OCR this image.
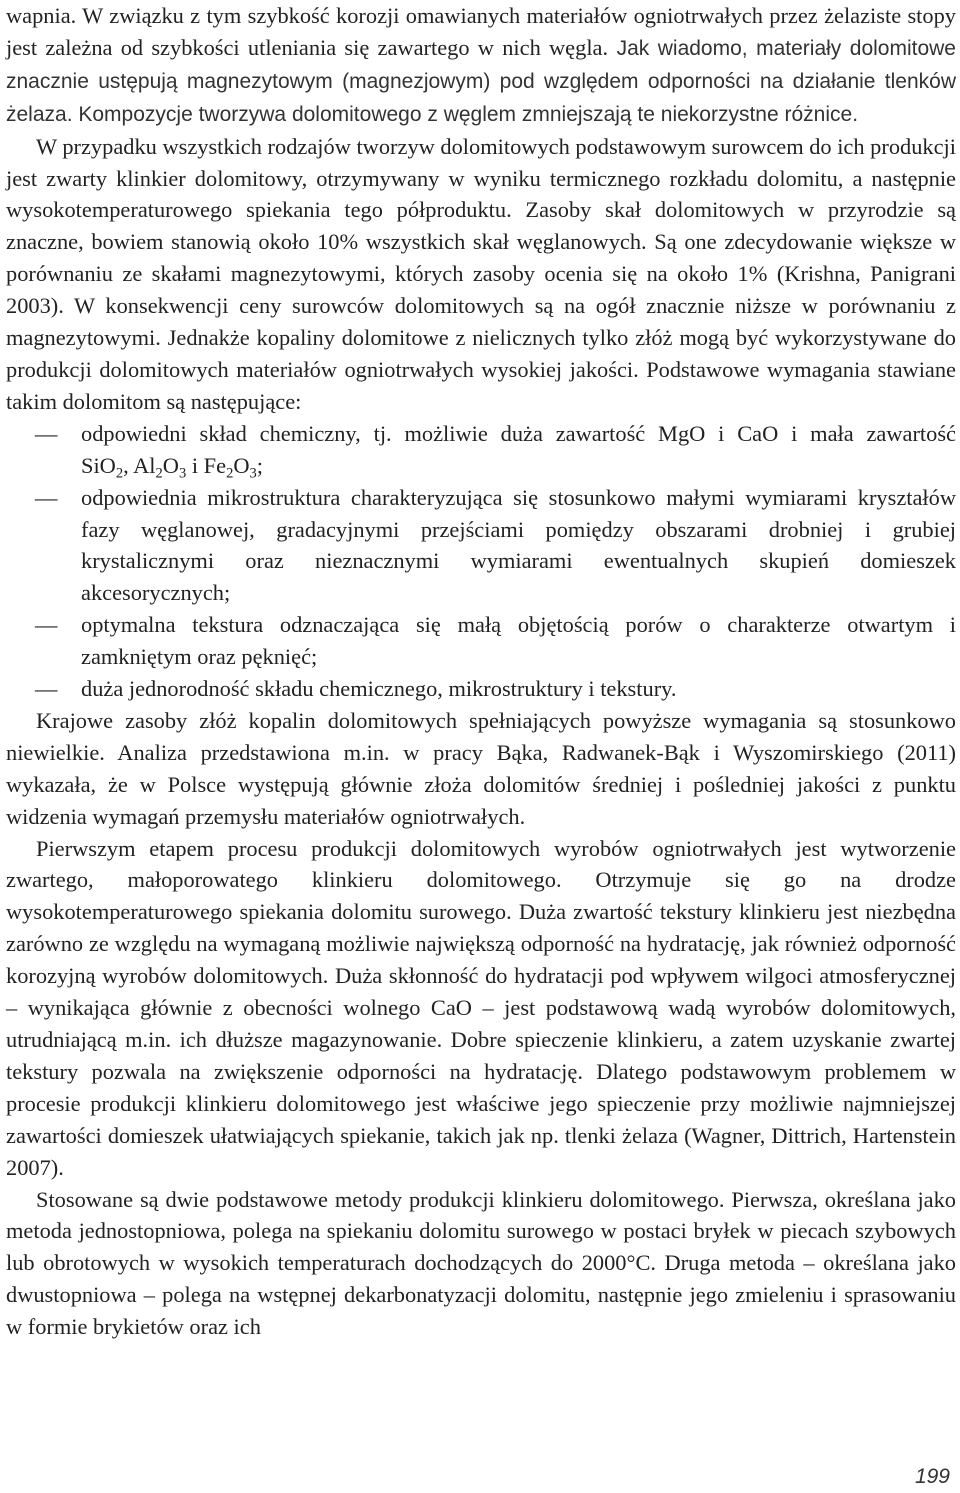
wapnia. W związku z tym szybkość korozji omawianych materiałów ogniotrwałych przez żelaziste stopy jest zależna od szybkości utleniania się zawartego w nich węgla. Jak wiadomo, materiały dolomitowe znacznie ustępują magnezytowym (magnezjowym) pod względem odporności na działanie tlenków żelaza. Kompozycje tworzywa dolomitowego z węglem zmniejszają te niekorzystne różnice.

W przypadku wszystkich rodzajów tworzyw dolomitowych podstawowym surowcem do ich produkcji jest zwarty klinkier dolomitowy, otrzymywany w wyniku termicznego rozkładu dolomitu, a następnie wysokotemperaturowego spiekania tego półproduktu. Zasoby skał dolomitowych w przyrodzie są znaczne, bowiem stanowią około 10% wszystkich skał węglanowych. Są one zdecydowanie większe w porównaniu ze skałami magnezytowymi, których zasoby ocenia się na około 1% (Krishna, Panigrani 2003). W konsekwencji ceny surowców dolomitowych są na ogół znacznie niższe w porównaniu z magnezytowymi. Jednakże kopaliny dolomitowe z nielicznych tylko złóż mogą być wykorzystywane do produkcji dolomitowych materiałów ogniotrwałych wysokiej jakości. Podstawowe wymagania stawiane takim dolomitom są następujące:

— odpowiedni skład chemiczny, tj. możliwie duża zawartość MgO i CaO i mała zawartość SiO$_2$, $Al_2O_3$ i $Fe_2O_3$;
— odpowiednia mikrostruktura charakteryzująca się stosunkowo małymi wymiarami kryształów fazy węglanowej, gradacyjnymi przejściami pomiędzy obszarami drobniej i grubiej krystalicznymi oraz nieznacznymi wymiarami ewentualnych skupień domieszek akcesorycznych;
— optymalna tekstura odznaczająca się małą objętością porów o charakterze otwartym i zamkniętym oraz pęknięć;
— duża jednorodność składu chemicznego, mikrostruktury i tekstury.

Krajowe zasoby złóż kopalin dolomitowych spełniających powyższe wymagania są stosunkowo niewielkie. Analiza przedstawiona m.in. w pracy Bąka, Radwanek-Bąk i Wyszomirskiego (2011) wykazała, że w Polsce występują głównie złoża dolomitów średniej i pośledniej jakości z punktu widzenia wymagań przemysłu materiałów ogniotrwałych.

Pierwszym etapem procesu produkcji dolomitowych wyrobów ogniotrwałych jest wytworzenie zwartego, małoporowatego klinkieru dolomitowego. Otrzymuje się go na drodze wysokotemperaturowego spiekania dolomitu surowego. Duża zwartość tekstury klinkieru jest niezbędna zarówno ze względu na wymaganą możliwie największą odporność na hydratację, jak również odporność korozyjną wyrobów dolomitowych. Duża skłonność do hydratacji pod wpływem wilgoci atmosferycznej – wynikająca głównie z obecności wolnego CaO – jest podstawową wadą wyrobów dolomitowych, utrudniającą m.in. ich dłuższe magazynowanie. Dobre spieczenie klinkieru, a zatem uzyskanie zwartej tekstury pozwala na zwiększenie odporności na hydratację. Dlatego podstawowym problemem w procesie produkcji klinkieru dolomitowego jest właściwe jego spieczenie przy możliwie najmniejszej zawartości domieszek ułatwiających spiekanie, takich jak np. tlenki żelaza (Wagner, Dittrich, Hartenstein 2007).

Stosowane są dwie podstawowe metody produkcji klinkieru dolomitowego. Pierwsza, określana jako metoda jednostopniowa, polega na spiekaniu dolomitu surowego w postaci bryłek w piecach szybowych lub obrotowych w wysokich temperaturach dochodzących do 2000°C. Druga metoda – określana jako dwustopniowa – polega na wstępnej dekarbonatyzacji dolomitu, następnie jego zmieleniu i sprasowaniu w formie brykietów oraz ich

199
